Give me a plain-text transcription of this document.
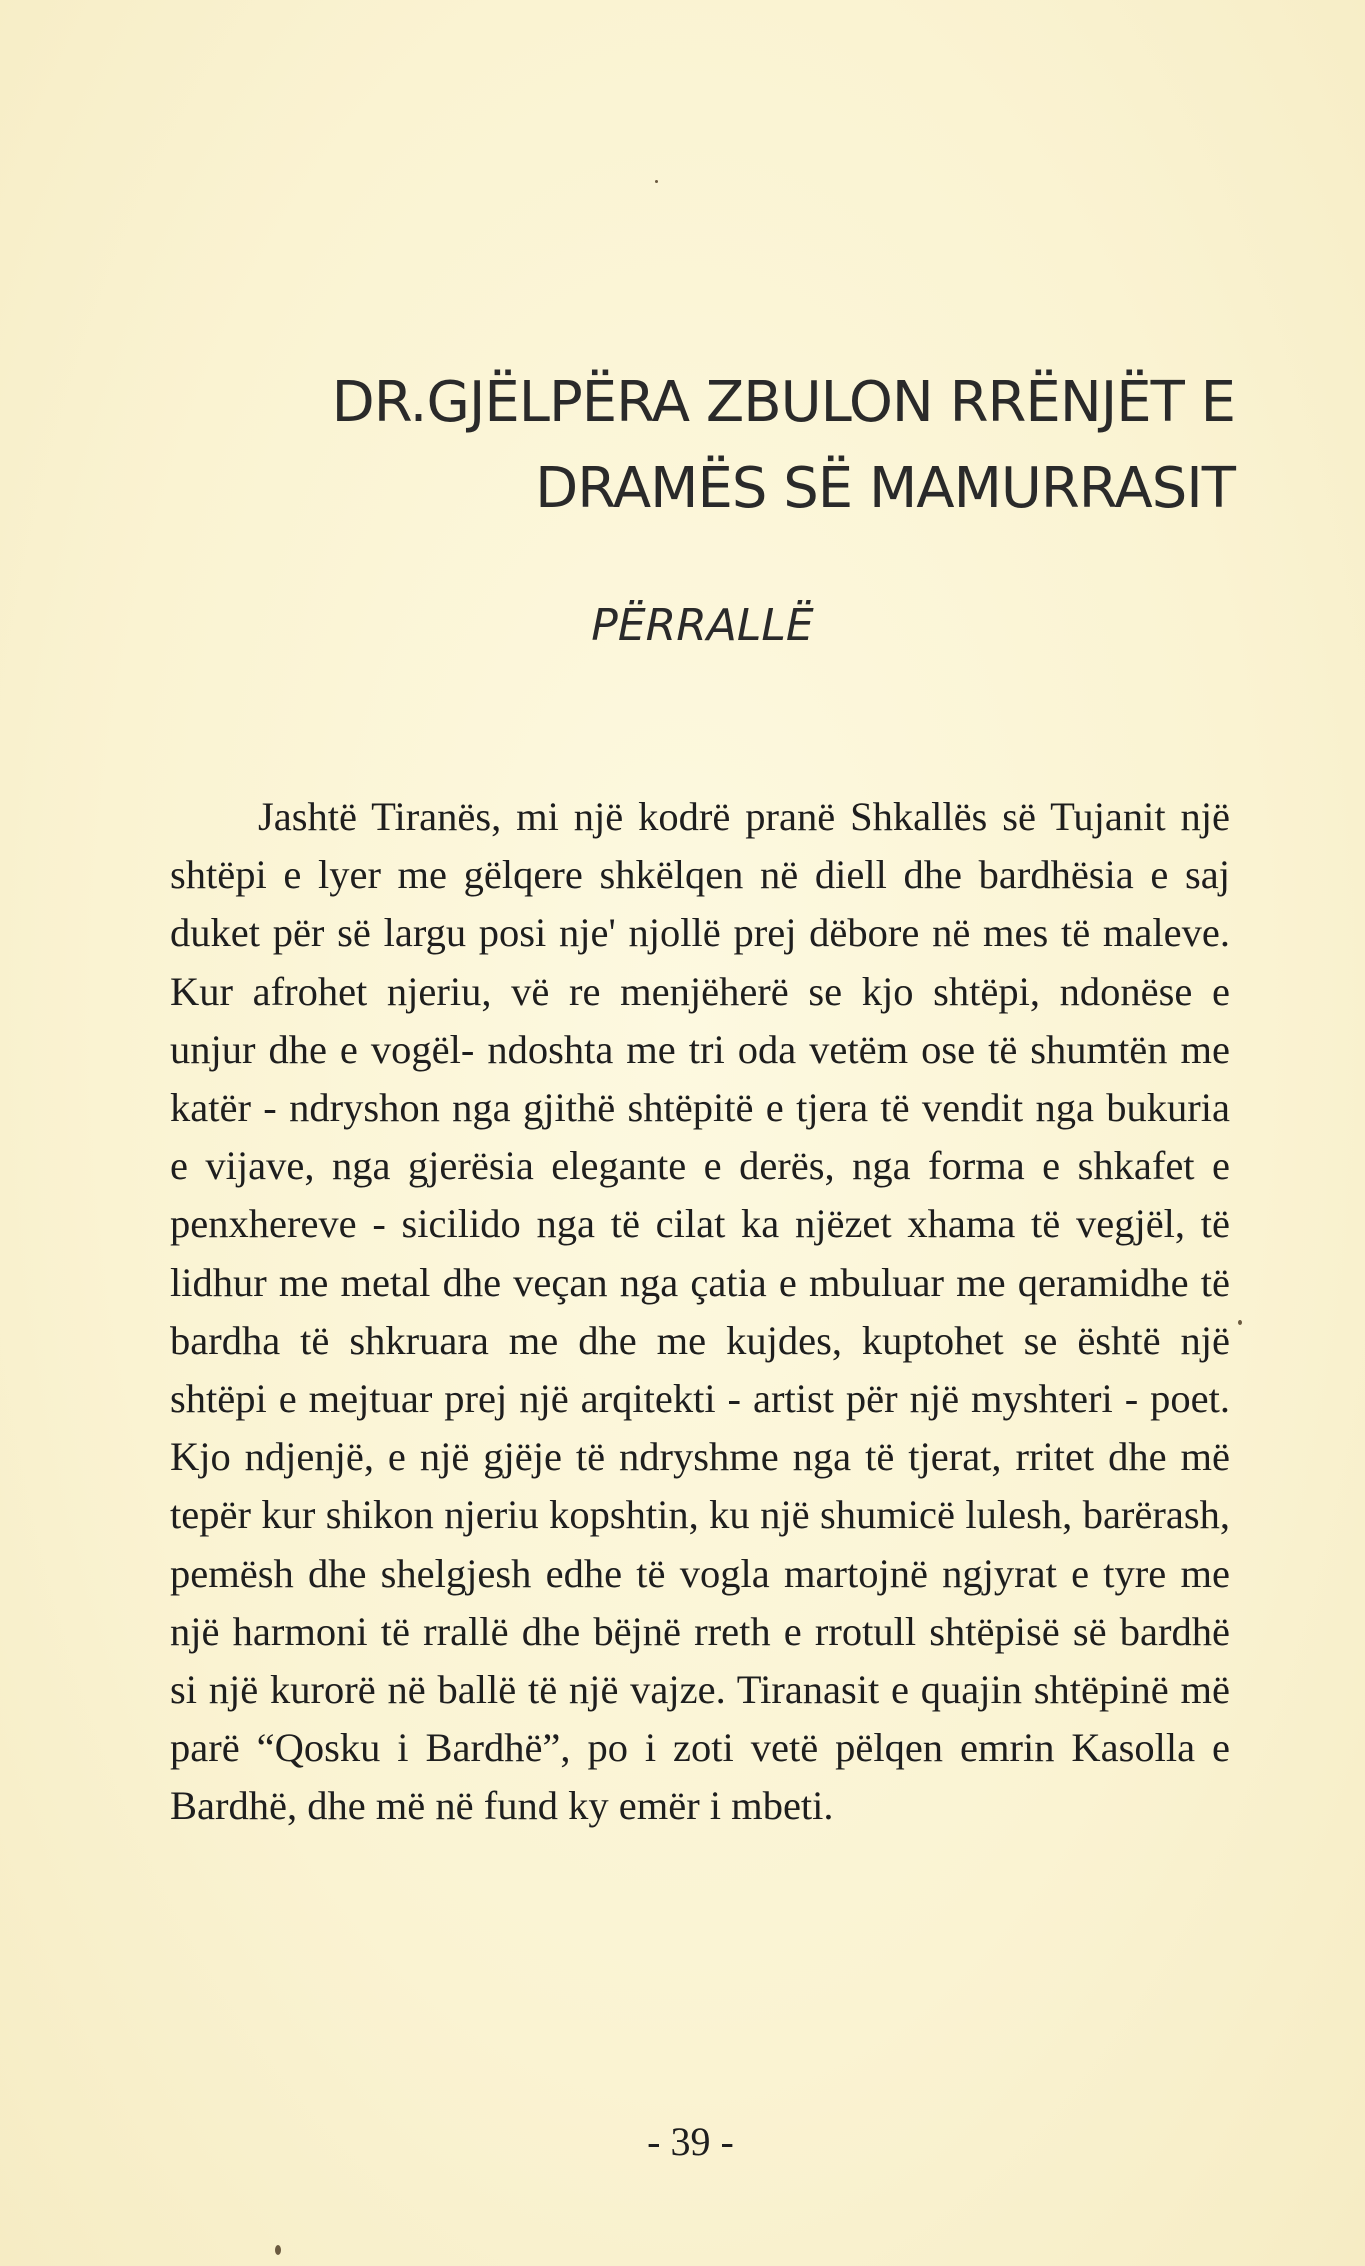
DR.GJËLPËRA ZBULON RRËNJËT E
DRAMËS SË MAMURRASIT
PËRRALLË

Jashtë Tiranës, mi një kodrë pranë Shkallës së Tujanit një shtëpi e lyer me gëlqere shkëlqen në diell dhe bardhësia e saj duket për së largu posi nje' njollë prej dëbore në mes të maleve. Kur afrohet njeriu, vë re menjëherë se kjo shtëpi, ndonëse e unjur dhe e vogël- ndoshta me tri oda vetëm ose të shumtën me katër - ndryshon nga gjithë shtëpitë e tjera të vendit nga bukuria e vijave, nga gjerësia elegante e derës, nga forma e shkafet e penxhereve - sicilido nga të cilat ka njëzet xhama të vegjël, të lidhur me metal dhe veçan nga çatia e mbuluar me qeramidhe të bardha të shkruara me dhe me kujdes, kuptohet se është një shtëpi e mejtuar prej një arqitekti - artist për një myshteri - poet. Kjo ndjenjë, e një gjëje të ndryshme nga të tjerat, rritet dhe më tepër kur shikon njeriu kopshtin, ku një shumicë lulesh, barërash, pemësh dhe shelgjesh edhe të vogla martojnë ngjyrat e tyre me një harmoni të rrallë dhe bëjnë rreth e rrotull shtëpisë së bardhë si një kurorë në ballë të një vajze. Tiranasit e quajin shtëpinë më parë “Qosku i Bardhë”, po i zoti vetë pëlqen emrin Kasolla e Bardhë, dhe më në fund ky emër i mbeti.

- 39 -
